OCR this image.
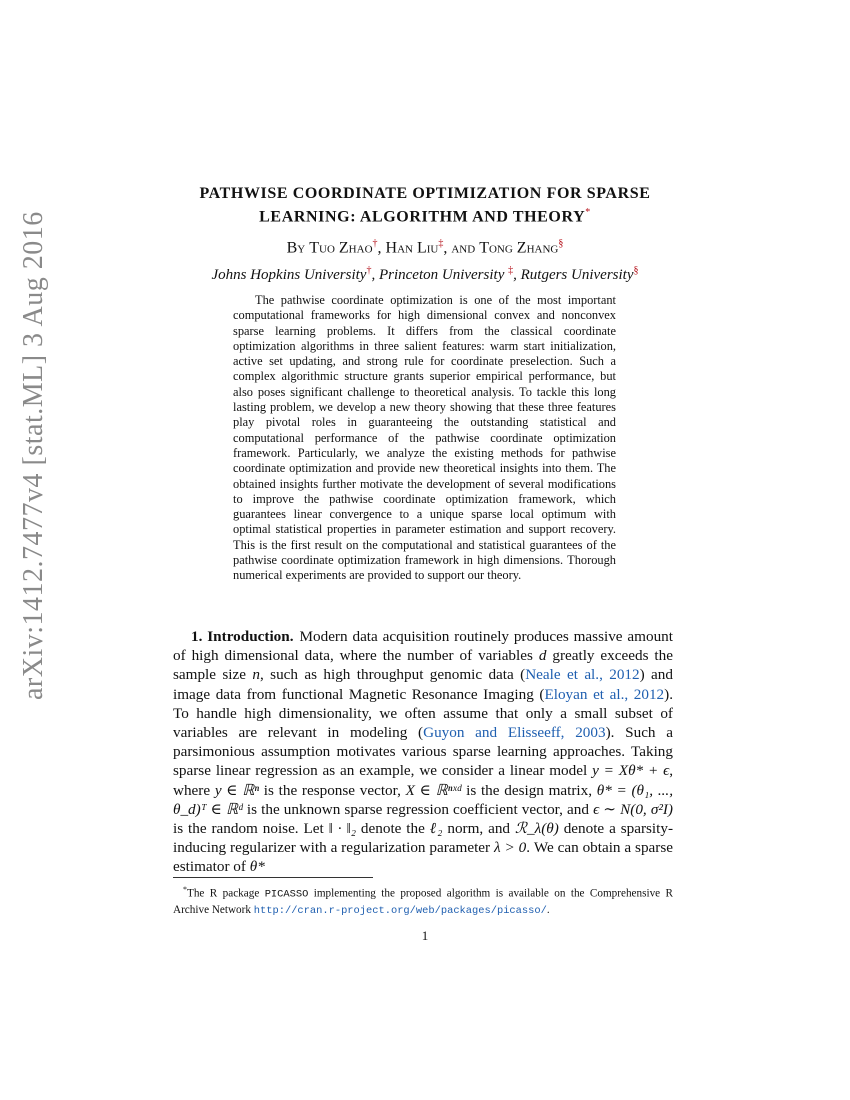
arXiv:1412.7477v4 [stat.ML] 3 Aug 2016
PATHWISE COORDINATE OPTIMIZATION FOR SPARSE
LEARNING: ALGORITHM AND THEORY*
By Tuo Zhao†, Han Liu‡, and Tong Zhang§
Johns Hopkins University†, Princeton University ‡, Rutgers University§
The pathwise coordinate optimization is one of the most important computational frameworks for high dimensional convex and nonconvex sparse learning problems. It differs from the classical coordinate optimization algorithms in three salient features: warm start initialization, active set updating, and strong rule for coordinate preselection. Such a complex algorithmic structure grants superior empirical performance, but also poses significant challenge to theoretical analysis. To tackle this long lasting problem, we develop a new theory showing that these three features play pivotal roles in guaranteeing the outstanding statistical and computational performance of the pathwise coordinate optimization framework. Particularly, we analyze the existing methods for pathwise coordinate optimization and provide new theoretical insights into them. The obtained insights further motivate the development of several modifications to improve the pathwise coordinate optimization framework, which guarantees linear convergence to a unique sparse local optimum with optimal statistical properties in parameter estimation and support recovery. This is the first result on the computational and statistical guarantees of the pathwise coordinate optimization framework in high dimensions. Thorough numerical experiments are provided to support our theory.
1. Introduction. Modern data acquisition routinely produces massive amount of high dimensional data, where the number of variables d greatly exceeds the sample size n, such as high throughput genomic data (Neale et al., 2012) and image data from functional Magnetic Resonance Imaging (Eloyan et al., 2012). To handle high dimensionality, we often assume that only a small subset of variables are relevant in modeling (Guyon and Elisseeff, 2003). Such a parsimonious assumption motivates various sparse learning approaches. Taking sparse linear regression as an example, we consider a linear model y = Xθ* + ϵ, where y ∈ ℝⁿ is the response vector, X ∈ ℝⁿˣᵈ is the design matrix, θ* = (θ₁, ..., θ_d)ᵀ ∈ ℝᵈ is the unknown sparse regression coefficient vector, and ϵ ∼ N(0, σ²I) is the random noise. Let ‖ · ‖₂ denote the ℓ₂ norm, and ℛ_λ(θ) denote a sparsity-inducing regularizer with a regularization parameter λ > 0. We can obtain a sparse estimator of θ*
*The R package PICASSO implementing the proposed algorithm is available on the Comprehensive R Archive Network http://cran.r-project.org/web/packages/picasso/.
1
